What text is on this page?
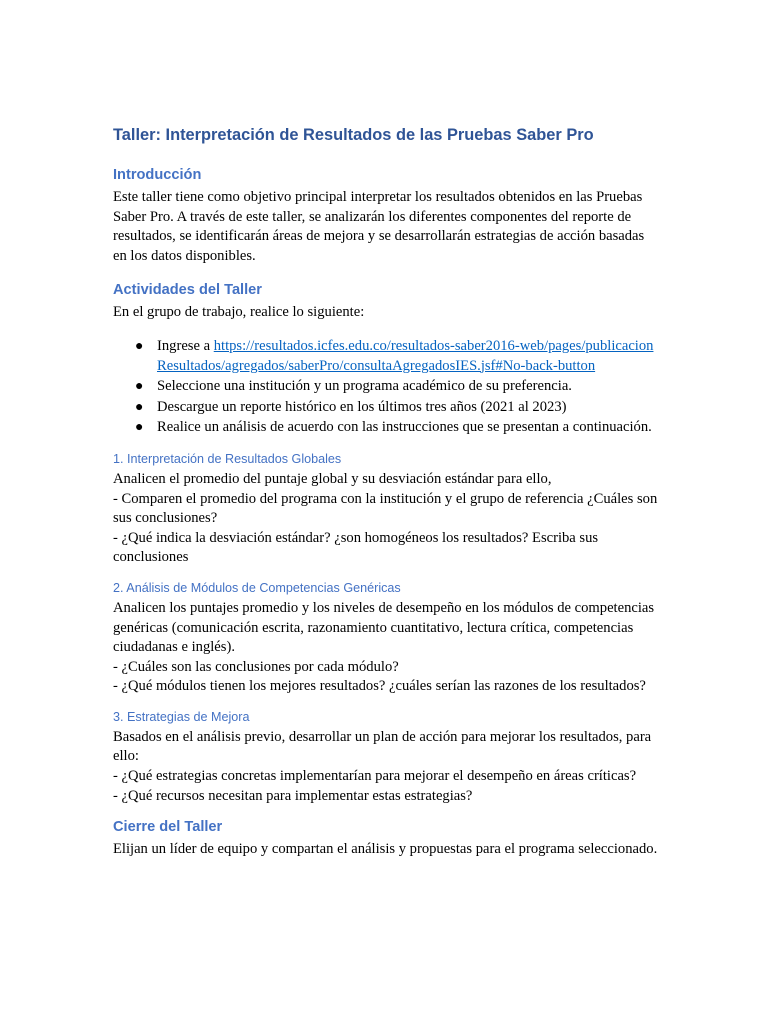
Taller: Interpretación de Resultados de las Pruebas Saber Pro
Introducción

Este taller tiene como objetivo principal interpretar los resultados obtenidos en las Pruebas Saber Pro. A través de este taller, se analizarán los diferentes componentes del reporte de resultados, se identificarán áreas de mejora y se desarrollarán estrategias de acción basadas en los datos disponibles.

Actividades del Taller

En el grupo de trabajo, realice lo siguiente:

● Ingrese a https://resultados.icfes.edu.co/resultados-saber2016-web/pages/publicacionResultados/agregados/saberPro/consultaAgregadosIES.jsf#No-back-button
● Seleccione una institución y un programa académico de su preferencia.
● Descargue un reporte histórico en los últimos tres años (2021 al 2023)
● Realice un análisis de acuerdo con las instrucciones que se presentan a continuación.
1. Interpretación de Resultados Globales
Analicen el promedio del puntaje global y su desviación estándar para ello,
- Comparen el promedio del programa con la institución y el grupo de referencia ¿Cuáles son sus conclusiones?
- ¿Qué indica la desviación estándar? ¿son homogéneos los resultados? Escriba sus conclusiones
2. Análisis de Módulos de Competencias Genéricas
Analicen los puntajes promedio y los niveles de desempeño en los módulos de competencias genéricas (comunicación escrita, razonamiento cuantitativo, lectura crítica, competencias ciudadanas e inglés).
- ¿Cuáles son las conclusiones por cada módulo?
- ¿Qué módulos tienen los mejores resultados? ¿cuáles serían las razones de los resultados?
3. Estrategias de Mejora
Basados en el análisis previo, desarrollar un plan de acción para mejorar los resultados, para ello:
- ¿Qué estrategias concretas implementarían para mejorar el desempeño en áreas críticas?
- ¿Qué recursos necesitan para implementar estas estrategias?
Cierre del Taller

Elijan un líder de equipo y compartan el análisis y propuestas para el programa seleccionado.
